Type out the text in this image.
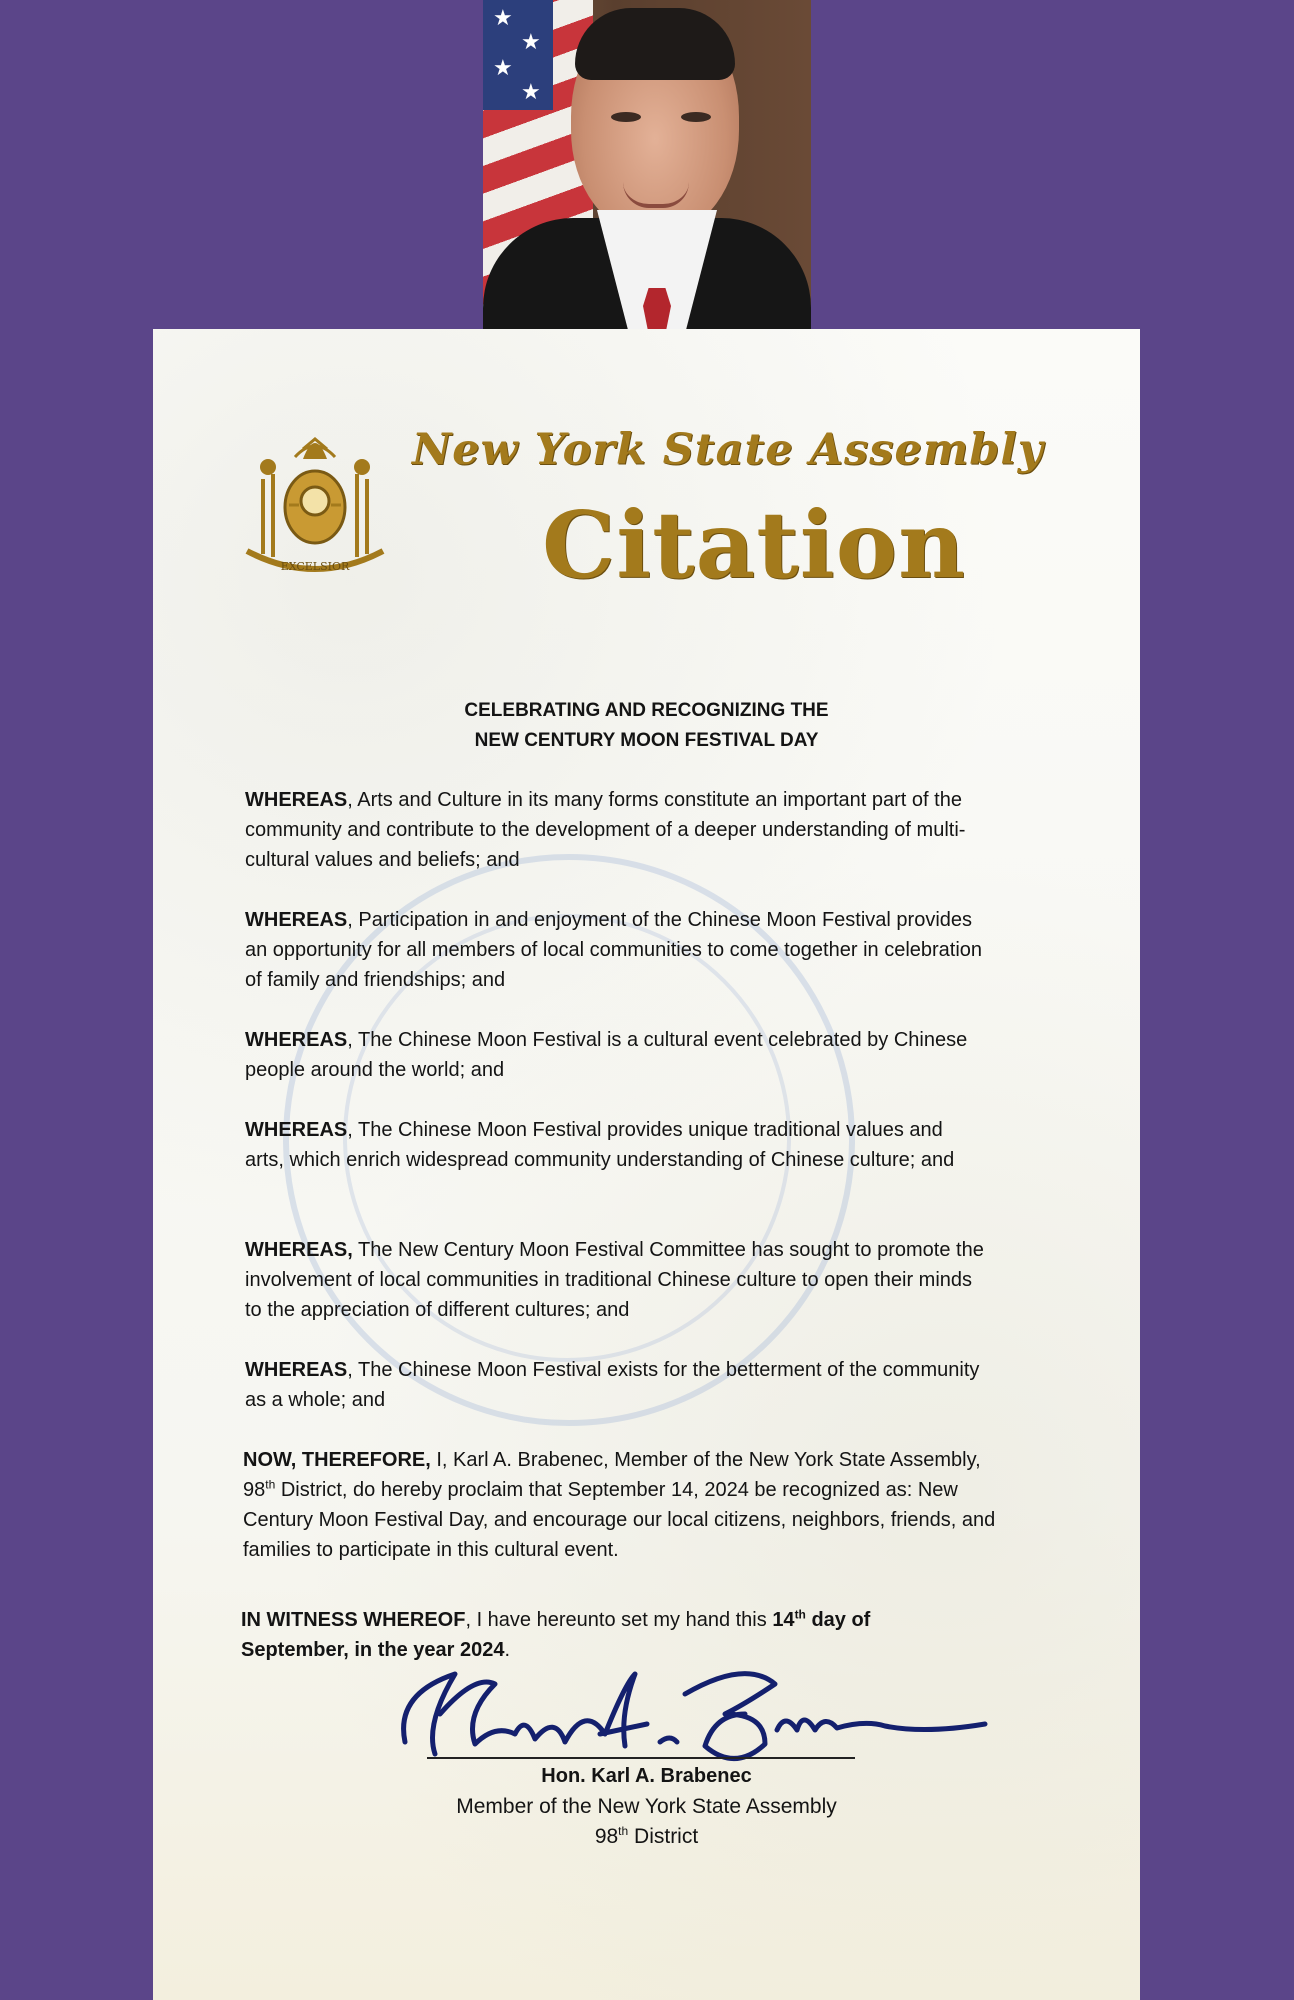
★
★
★
★
EXCELSIOR
New York State Assembly
Citation
CELEBRATING AND RECOGNIZING THE
NEW CENTURY MOON FESTIVAL DAY
WHEREAS, Arts and Culture in its many forms constitute an important part of the community and contribute to the development of a deeper understanding of multi-cultural values and beliefs; and
WHEREAS, Participation in and enjoyment of the Chinese Moon Festival provides an opportunity for all members of local communities to come together in celebration of family and friendships; and
WHEREAS, The Chinese Moon Festival is a cultural event celebrated by Chinese people around the world; and
WHEREAS, The Chinese Moon Festival provides unique traditional values and arts, which enrich widespread community understanding of Chinese culture; and
WHEREAS, The New Century Moon Festival Committee has sought to promote the involvement of local communities in traditional Chinese culture to open their minds to the appreciation of different cultures; and
WHEREAS, The Chinese Moon Festival exists for the betterment of the community as a whole; and
NOW, THEREFORE, I, Karl A. Brabenec, Member of the New York State Assembly, 98th District, do hereby proclaim that September 14, 2024 be recognized as: New Century Moon Festival Day, and encourage our local citizens, neighbors, friends, and families to participate in this cultural event.
IN WITNESS WHEREOF, I have hereunto set my hand this 14th day of September, in the year 2024.
Hon. Karl A. Brabenec
Member of the New York State Assembly
98th District
